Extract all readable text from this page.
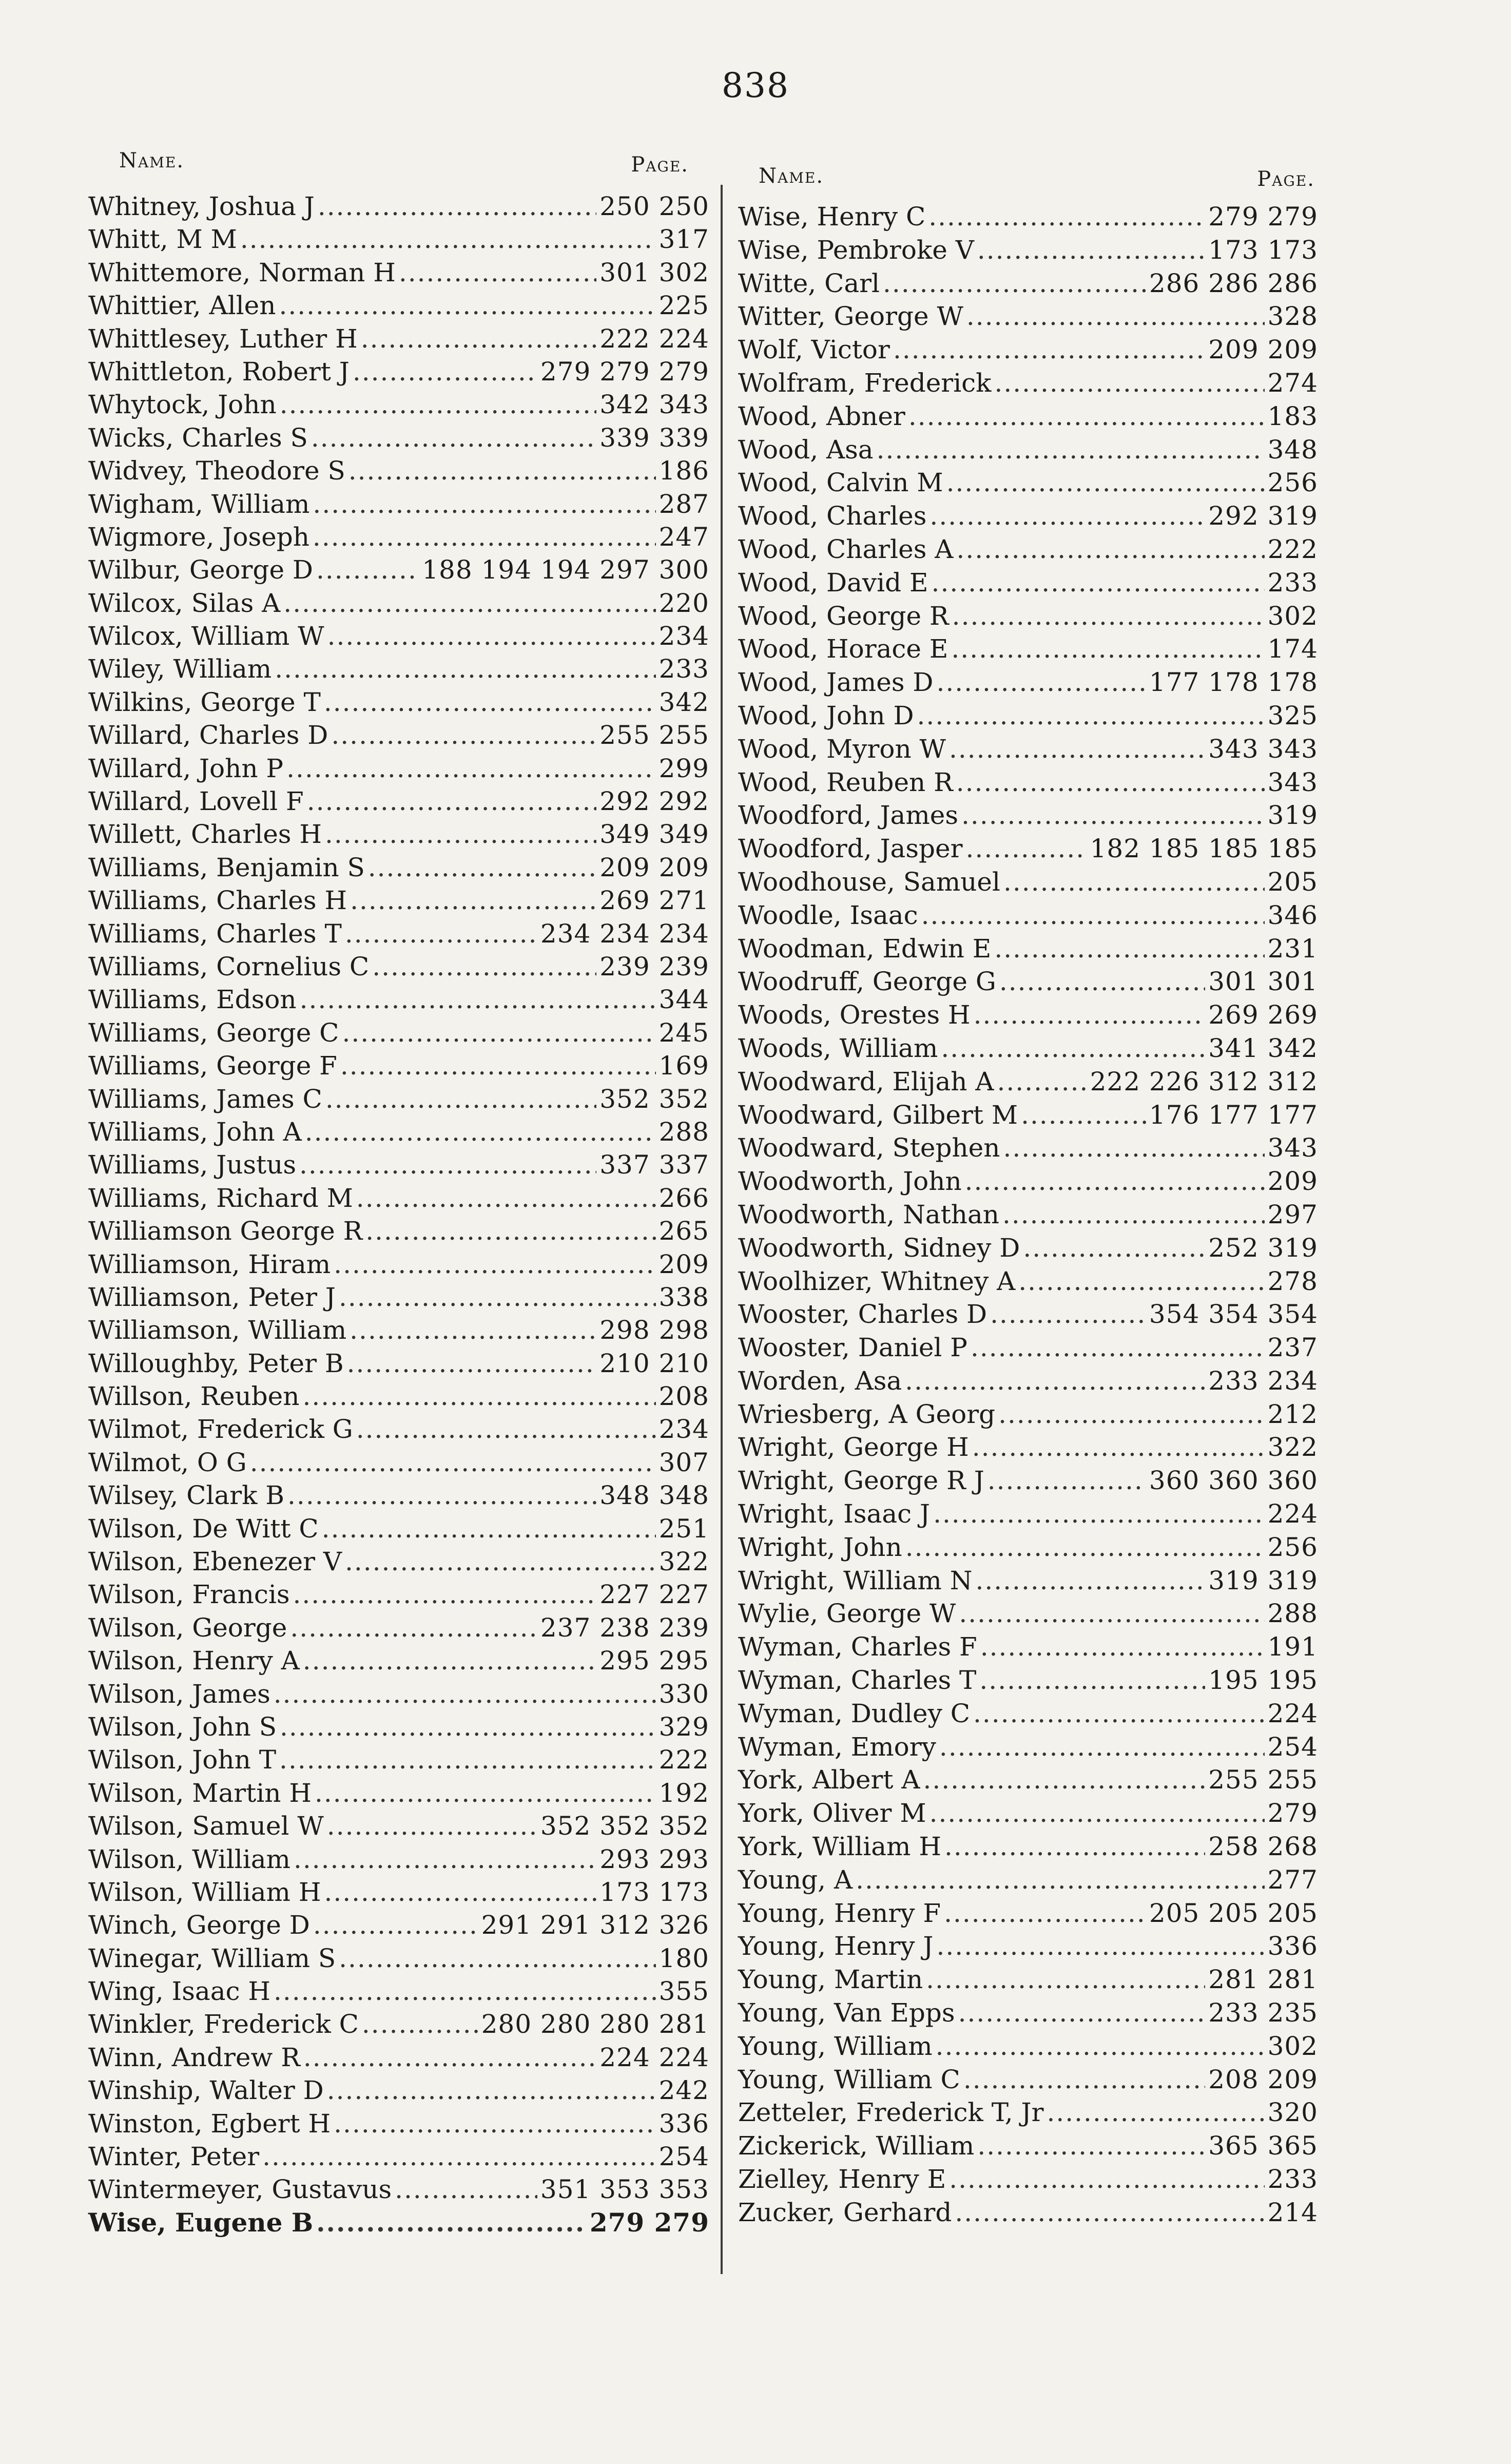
838
Name.	Page.
Whitney, Joshua J .....	250 250
Whitt, M M .....	317
Whittemore, Norman H .....	301 302
Whittier, Allen .....	225
Whittlesey, Luther H .....	222 224
Whittleton, Robert J .....	279 279 279
Whytock, John .....	342 343
Wicks, Charles S .....	339 339
Widvey, Theodore S .....	186
Wigham, William .....	287
Wigmore, Joseph .....	247
Wilbur, George D .....	188 194 194 297 300
Wilcox, Silas A .....	220
Wilcox, William W .....	234
Wiley, William .....	233
Wilkins, George T .....	342
Willard, Charles D .....	255 255
Willard, John P .....	299
Willard, Lovell F .....	292 292
Willett, Charles H .....	349 349
Williams, Benjamin S .....	209 209
Williams, Charles H .....	269 271
Williams, Charles T .....	234 234 234
Williams, Cornelius C .....	239 239
Williams, Edson .....	344
Williams, George C .....	245
Williams, George F .....	169
Williams, James C .....	352 352
Williams, John A .....	288
Williams, Justus .....	337 337
Williams, Richard M .....	266
Williamson George R .....	265
Williamson, Hiram .....	209
Williamson, Peter J .....	338
Williamson, William .....	298 298
Willoughby, Peter B .....	210 210
Willson, Reuben .....	208
Wilmot, Frederick G .....	234
Wilmot, O G .....	307
Wilsey, Clark B .....	348 348
Wilson, De Witt C .....	251
Wilson, Ebenezer V .....	322
Wilson, Francis .....	227 227
Wilson, George .....	237 238 239
Wilson, Henry A .....	295 295
Wilson, James .....	330
Wilson, John S .....	329
Wilson, John T .....	222
Wilson, Martin H .....	192
Wilson, Samuel W .....	352 352 352
Wilson, William .....	293 293
Wilson, William H .....	173 173
Winch, George D .....	291 291 312 326
Winegar, William S .....	180
Wing, Isaac H .....	355
Winkler, Frederick C .....	280 280 280 281
Winn, Andrew R .....	224 224
Winship, Walter D .....	242
Winston, Egbert H .....	336
Winter, Peter .....	254
Wintermeyer, Gustavus .....	351 353 353
Wise, Eugene B .....	279 279
Name.	Page.
Wise, Henry C .....	279 279
Wise, Pembroke V .....	173 173
Witte, Carl .....	286 286 286
Witter, George W .....	328
Wolf, Victor .....	209 209
Wolfram, Frederick .....	274
Wood, Abner .....	183
Wood, Asa .....	348
Wood, Calvin M .....	256
Wood, Charles .....	292 319
Wood, Charles A .....	222
Wood, David E .....	233
Wood, George R .....	302
Wood, Horace E .....	174
Wood, James D .....	177 178 178
Wood, John D .....	325
Wood, Myron W .....	343 343
Wood, Reuben R .....	343
Woodford, James .....	319
Woodford, Jasper .....	182 185 185 185
Woodhouse, Samuel .....	205
Woodle, Isaac .....	346
Woodman, Edwin E .....	231
Woodruff, George G .....	301 301
Woods, Orestes H .....	269 269
Woods, William .....	341 342
Woodward, Elijah A .....	222 226 312 312
Woodward, Gilbert M .....	176 177 177
Woodward, Stephen .....	343
Woodworth, John .....	209
Woodworth, Nathan .....	297
Woodworth, Sidney D .....	252 319
Woolhizer, Whitney A .....	278
Wooster, Charles D .....	354 354 354
Wooster, Daniel P .....	237
Worden, Asa .....	233 234
Wriesberg, A Georg .....	212
Wright, George H .....	322
Wright, George R J .....	360 360 360
Wright, Isaac J .....	224
Wright, John .....	256
Wright, William N .....	319 319
Wylie, George W .....	288
Wyman, Charles F .....	191
Wyman, Charles T .....	195 195
Wyman, Dudley C .....	224
Wyman, Emory .....	254
York, Albert A .....	255 255
York, Oliver M .....	279
York, William H .....	258 268
Young, A .....	277
Young, Henry F .....	205 205 205
Young, Henry J .....	336
Young, Martin .....	281 281
Young, Van Epps .....	233 235
Young, William .....	302
Young, William C .....	208 209
Zetteler, Frederick T, Jr .....	320
Zickerick, William .....	365 365
Zielley, Henry E .....	233
Zucker, Gerhard .....	214
